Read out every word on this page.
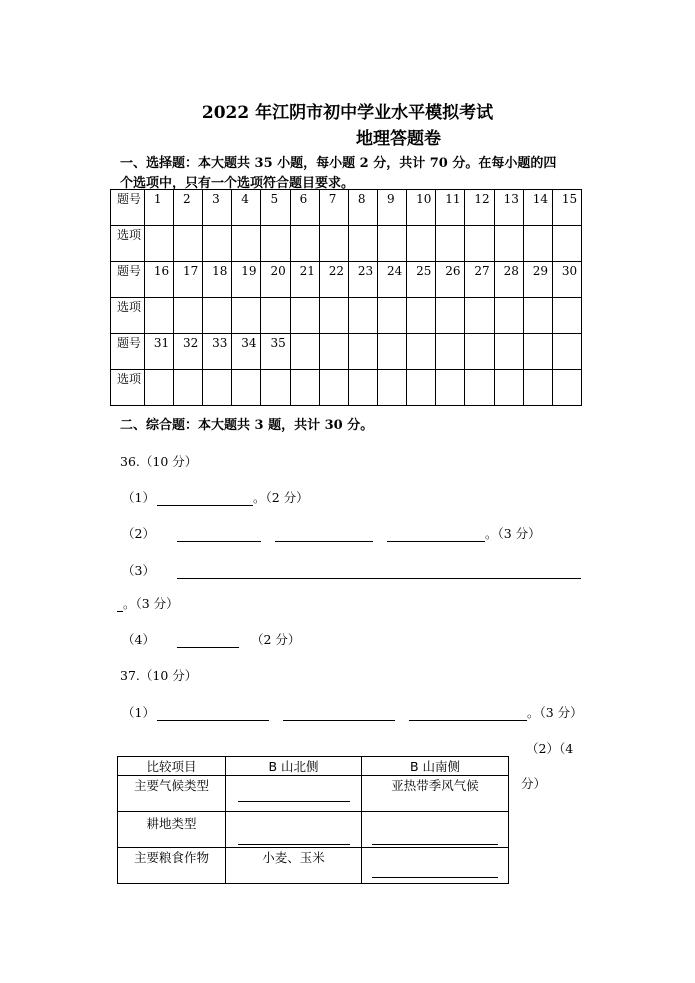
2022 年江阴市初中学业水平模拟考试
地理答题卷
一、选择题：本大题共 35 小题，每小题 2 分，共计 70 分。在每小题的四
个选项中，只有一个选项符合题目要求。
题号	1	2	3	4	5	6	7	8	9	10	11	12	13	14	15
选项															
题号	16	17	18	19	20	21	22	23	24	25	26	27	28	29	30
选项															
题号	31	32	33	34	35										
选项															
二、综合题：本大题共 3 题，共计 30 分。
36.（10 分）
（1）	。（2 分）
（2）	。（3 分）
（3）
。（3 分）
（4）	（2 分）
37.（10 分）
（1）	。（3 分）
（2）（4
分）
比较项目	B 山北侧	B 山南侧
主要气候类型		亚热带季风气候
耕地类型	

主要粮食作物	小麦、玉米	
